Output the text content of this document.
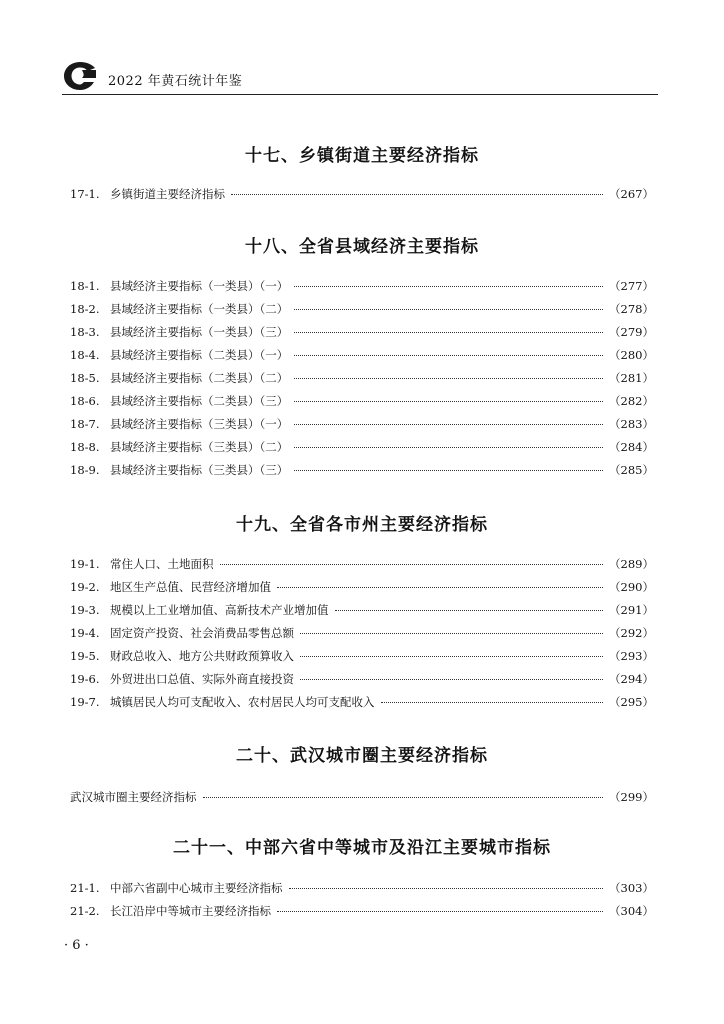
2022 年黄石统计年鉴
十七、乡镇街道主要经济指标
17-1. 乡镇街道主要经济指标	（267）
十八、全省县域经济主要指标
18-1. 县域经济主要指标（一类县）（一）	（277）
18-2. 县域经济主要指标（一类县）（二）	（278）
18-3. 县域经济主要指标（一类县）（三）	（279）
18-4. 县域经济主要指标（二类县）（一）	（280）
18-5. 县域经济主要指标（二类县）（二）	（281）
18-6. 县域经济主要指标（二类县）（三）	（282）
18-7. 县域经济主要指标（三类县）（一）	（283）
18-8. 县域经济主要指标（三类县）（二）	（284）
18-9. 县域经济主要指标（三类县）（三）	（285）
十九、全省各市州主要经济指标
19-1. 常住人口、土地面积	（289）
19-2. 地区生产总值、民营经济增加值	（290）
19-3. 规模以上工业增加值、高新技术产业增加值	（291）
19-4. 固定资产投资、社会消费品零售总额	（292）
19-5. 财政总收入、地方公共财政预算收入	（293）
19-6. 外贸进出口总值、实际外商直接投资	（294）
19-7. 城镇居民人均可支配收入、农村居民人均可支配收入	（295）
二十、武汉城市圈主要经济指标
武汉城市圈主要经济指标	（299）
二十一、中部六省中等城市及沿江主要城市指标
21-1. 中部六省副中心城市主要经济指标	（303）
21-2. 长江沿岸中等城市主要经济指标	（304）
· 6 ·
